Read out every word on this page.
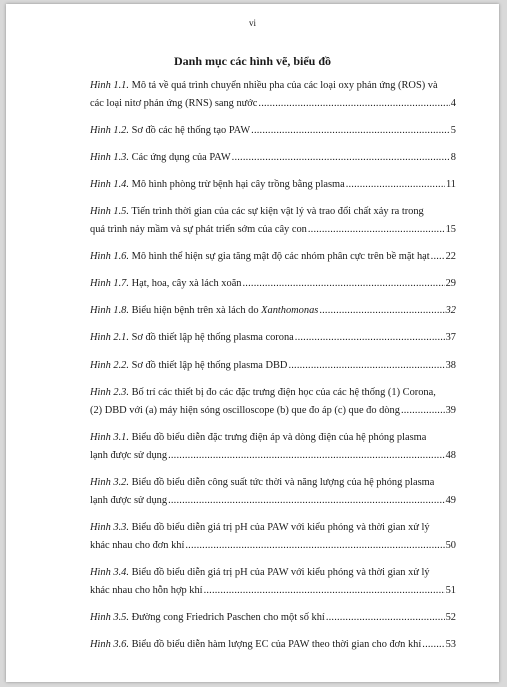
vi
Danh mục các hình vẽ, biểu đồ
Hình 1.1. Mô tả về quá trình chuyển nhiều pha của các loại oxy phản ứng (ROS) và
các loại nitơ phản ứng (RNS) sang nước .....	4
Hình 1.2. Sơ đồ các hệ thống tạo PAW .....	5
Hình 1.3. Các ứng dụng của PAW .....	8
Hình 1.4. Mô hình phòng trừ bệnh hại cây trồng bằng plasma .....	11
Hình 1.5. Tiến trình thời gian của các sự kiện vật lý và trao đổi chất xảy ra trong
quá trình nảy mầm và sự phát triển sớm của cây con .....	15
Hình 1.6. Mô hình thể hiện sự gia tăng mật độ các nhóm phân cực trên bề mặt hạt ..... 22
Hình 1.7. Hạt, hoa, cây xà lách xoăn .....	29
Hình 1.8. Biểu hiện bệnh trên xà lách do Xanthomonas .....	32
Hình 2.1. Sơ đồ thiết lập hệ thống plasma corona .....	37
Hình 2.2. Sơ đồ thiết lập hệ thống plasma DBD .....	38
Hình 2.3. Bố trí các thiết bị đo các đặc trưng điện học của các hệ thống (1) Corona,
(2) DBD với (a) máy hiện sóng oscilloscope (b) que đo áp (c) que đo dòng .....	39
Hình 3.1. Biểu đồ biểu diễn đặc trưng điện áp và dòng điện của hệ phóng plasma
lạnh được sử dụng .....	48
Hình 3.2. Biểu đồ biểu diễn công suất tức thời và năng lượng của hệ phóng plasma
lạnh được sử dụng .....	49
Hình 3.3. Biểu đồ biểu diễn giá trị pH của PAW với kiểu phóng và thời gian xử lý
khác nhau cho đơn khí .....	50
Hình 3.4. Biểu đồ biểu diễn giá trị pH của PAW với kiểu phóng và thời gian xử lý
khác nhau cho hỗn hợp khí .....	51
Hình 3.5. Đường cong Friedrich Paschen cho một số khí .....	52
Hình 3.6. Biểu đồ biểu diễn hàm lượng EC của PAW theo thời gian cho đơn khí ..... 53
